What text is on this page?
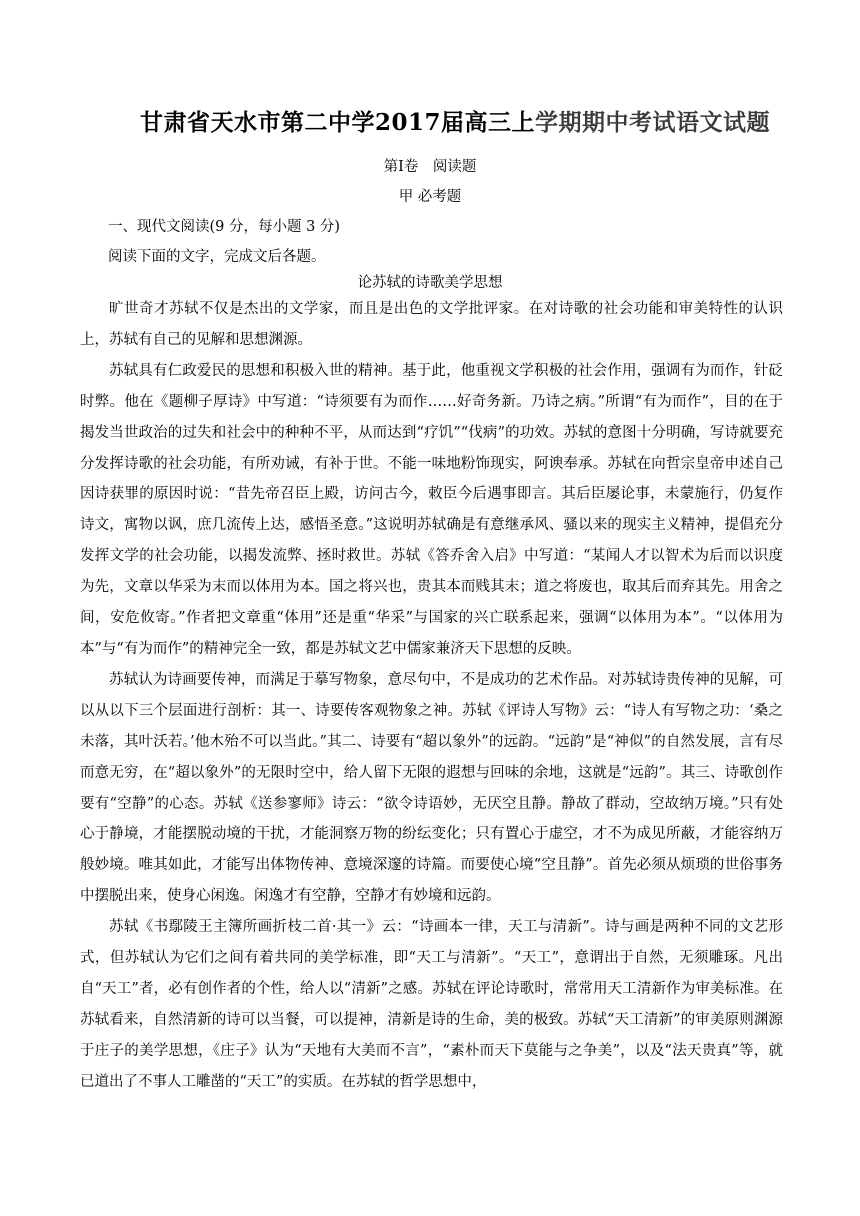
甘肃省天水市第二中学2017届高三上学期期中考试语文试题
第Ⅰ卷　阅读题
甲 必考题
一、现代文阅读(9 分，每小题 3 分)
阅读下面的文字，完成文后各题。
论苏轼的诗歌美学思想

旷世奇才苏轼不仅是杰出的文学家，而且是出色的文学批评家。在对诗歌的社会功能和审美特性的认识上，苏轼有自己的见解和思想渊源。

苏轼具有仁政爱民的思想和积极入世的精神。基于此，他重视文学积极的社会作用，强调有为而作，针砭时弊。他在《题柳子厚诗》中写道：“诗须要有为而作……好奇务新。乃诗之病。”所谓“有为而作”，目的在于揭发当世政治的过失和社会中的种种不平，从而达到“疗饥”“伐病”的功效。苏轼的意图十分明确，写诗就要充分发挥诗歌的社会功能，有所劝诫，有补于世。不能一味地粉饰现实，阿谀奉承。苏轼在向哲宗皇帝申述自己因诗获罪的原因时说：“昔先帝召臣上殿，访问古今，敕臣今后遇事即言。其后臣屡论事，未蒙施行，仍复作诗文，寓物以讽，庶几流传上达，感悟圣意。”这说明苏轼确是有意继承风、骚以来的现实主义精神，提倡充分发挥文学的社会功能，以揭发流弊、拯时救世。苏轼《答乔舍入启》中写道：“某闻人才以智术为后而以识度为先，文章以华采为末而以体用为本。国之将兴也，贵其本而贱其末；道之将废也，取其后而弃其先。用舍之间，安危攸寄。”作者把文章重“体用”还是重“华采”与国家的兴亡联系起来，强调“以体用为本”。“以体用为本”与“有为而作”的精神完全一致，都是苏轼文艺中儒家兼济天下思想的反映。

苏轼认为诗画要传神，而满足于摹写物象，意尽句中，不是成功的艺术作品。对苏轼诗贵传神的见解，可以从以下三个层面进行剖析：其一、诗要传客观物象之神。苏轼《评诗人写物》云：“诗人有写物之功：‘桑之未落，其叶沃若。’他木殆不可以当此。”其二、诗要有“超以象外”的远韵。“远韵”是“神似”的自然发展，言有尽而意无穷，在“超以象外”的无限时空中，给人留下无限的遐想与回味的余地，这就是“远韵”。其三、诗歌创作要有“空静”的心态。苏轼《送参寥师》诗云：“欲令诗语妙，无厌空且静。静故了群动，空故纳万境。”只有处心于静境，才能摆脱动境的干扰，才能洞察万物的纷纭变化；只有置心于虚空，才不为成见所蔽，才能容纳万般妙境。唯其如此，才能写出体物传神、意境深邃的诗篇。而要使心境“空且静”。首先必须从烦琐的世俗事务中摆脱出来，使身心闲逸。闲逸才有空静，空静才有妙境和远韵。

苏轼《书鄢陵王主簿所画折枝二首·其一》云：“诗画本一律，天工与清新”。诗与画是两种不同的文艺形式，但苏轼认为它们之间有着共同的美学标准，即“天工与清新”。“天工”，意谓出于自然，无须雕琢。凡出自“天工”者，必有创作者的个性，给人以“清新”之感。苏轼在评论诗歌时，常常用天工清新作为审美标准。在苏轼看来，自然清新的诗可以当餐，可以提神，清新是诗的生命，美的极致。苏轼“天工清新”的审美原则渊源于庄子的美学思想，《庄子》认为“天地有大美而不言”，“素朴而天下莫能与之争美”，以及“法天贵真”等，就已道出了不事人工雕凿的“天工”的实质。在苏轼的哲学思想中，
